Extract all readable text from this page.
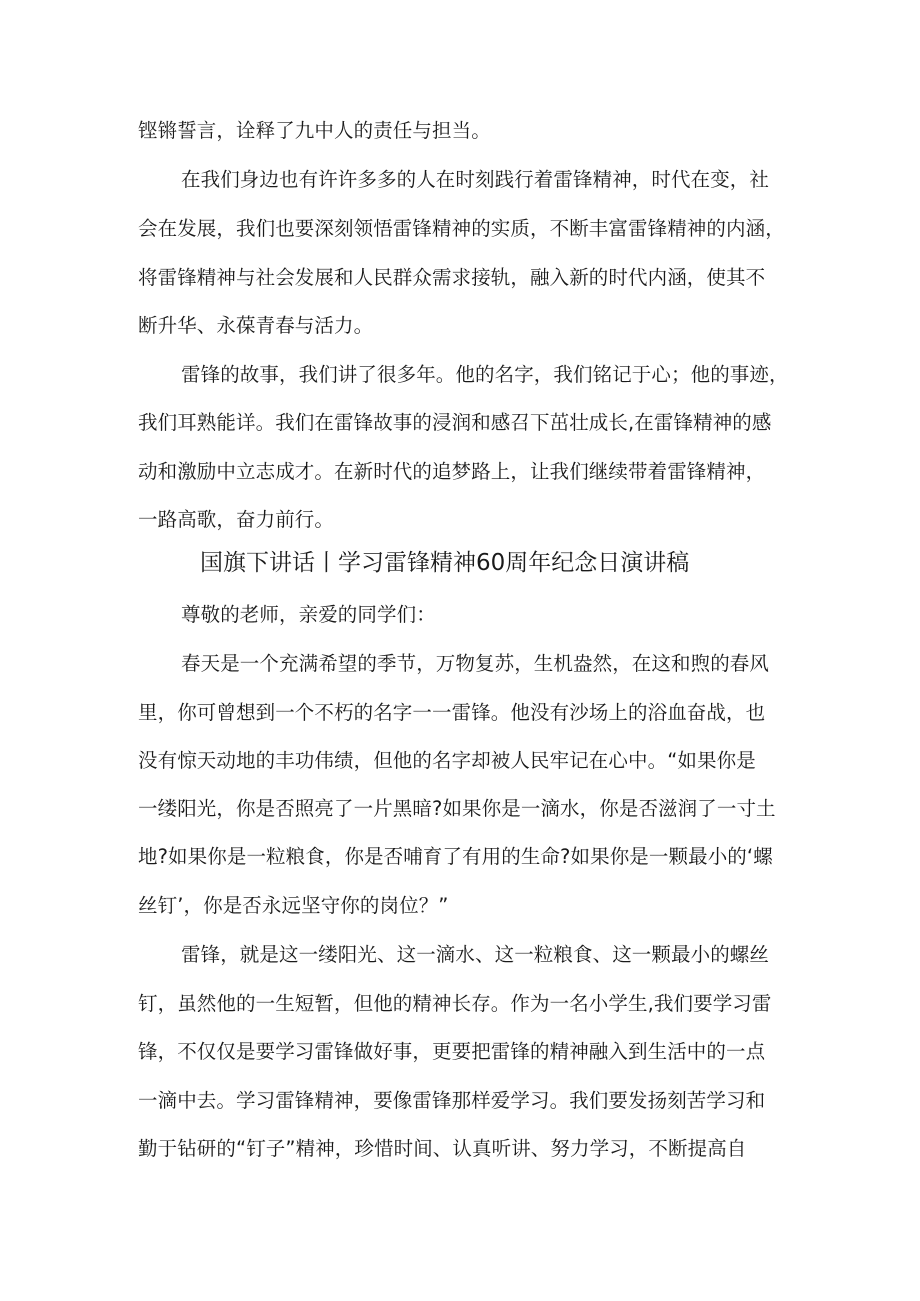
铿锵誓言，诠释了九中人的责任与担当。
在我们身边也有许许多多的人在时刻践行着雷锋精神，时代在变，社
会在发展，我们也要深刻领悟雷锋精神的实质，不断丰富雷锋精神的内涵，
将雷锋精神与社会发展和人民群众需求接轨，融入新的时代内涵，使其不
断升华、永葆青春与活力。
雷锋的故事，我们讲了很多年。他的名字，我们铭记于心；他的事迹，
我们耳熟能详。我们在雷锋故事的浸润和感召下茁壮成长,在雷锋精神的感
动和激励中立志成才。在新时代的追梦路上，让我们继续带着雷锋精神，
一路高歌，奋力前行。
国旗下讲话丨学习雷锋精神60周年纪念日演讲稿
尊敬的老师，亲爱的同学们：
春天是一个充满希望的季节，万物复苏，生机盎然，在这和煦的春风
里，你可曾想到一个不朽的名字一一雷锋。他没有沙场上的浴血奋战，也
没有惊天动地的丰功伟绩，但他的名字却被人民牢记在心中。“如果你是
一缕阳光，你是否照亮了一片黑暗?如果你是一滴水，你是否滋润了一寸土
地?如果你是一粒粮食，你是否哺育了有用的生命?如果你是一颗最小的‘螺
丝钉’，你是否永远坚守你的岗位？”
雷锋，就是这一缕阳光、这一滴水、这一粒粮食、这一颗最小的螺丝
钉，虽然他的一生短暂，但他的精神长存。作为一名小学生,我们要学习雷
锋，不仅仅是要学习雷锋做好事，更要把雷锋的精神融入到生活中的一点
一滴中去。学习雷锋精神，要像雷锋那样爱学习。我们要发扬刻苦学习和
勤于钻研的“钉子”精神，珍惜时间、认真听讲、努力学习，不断提高自
